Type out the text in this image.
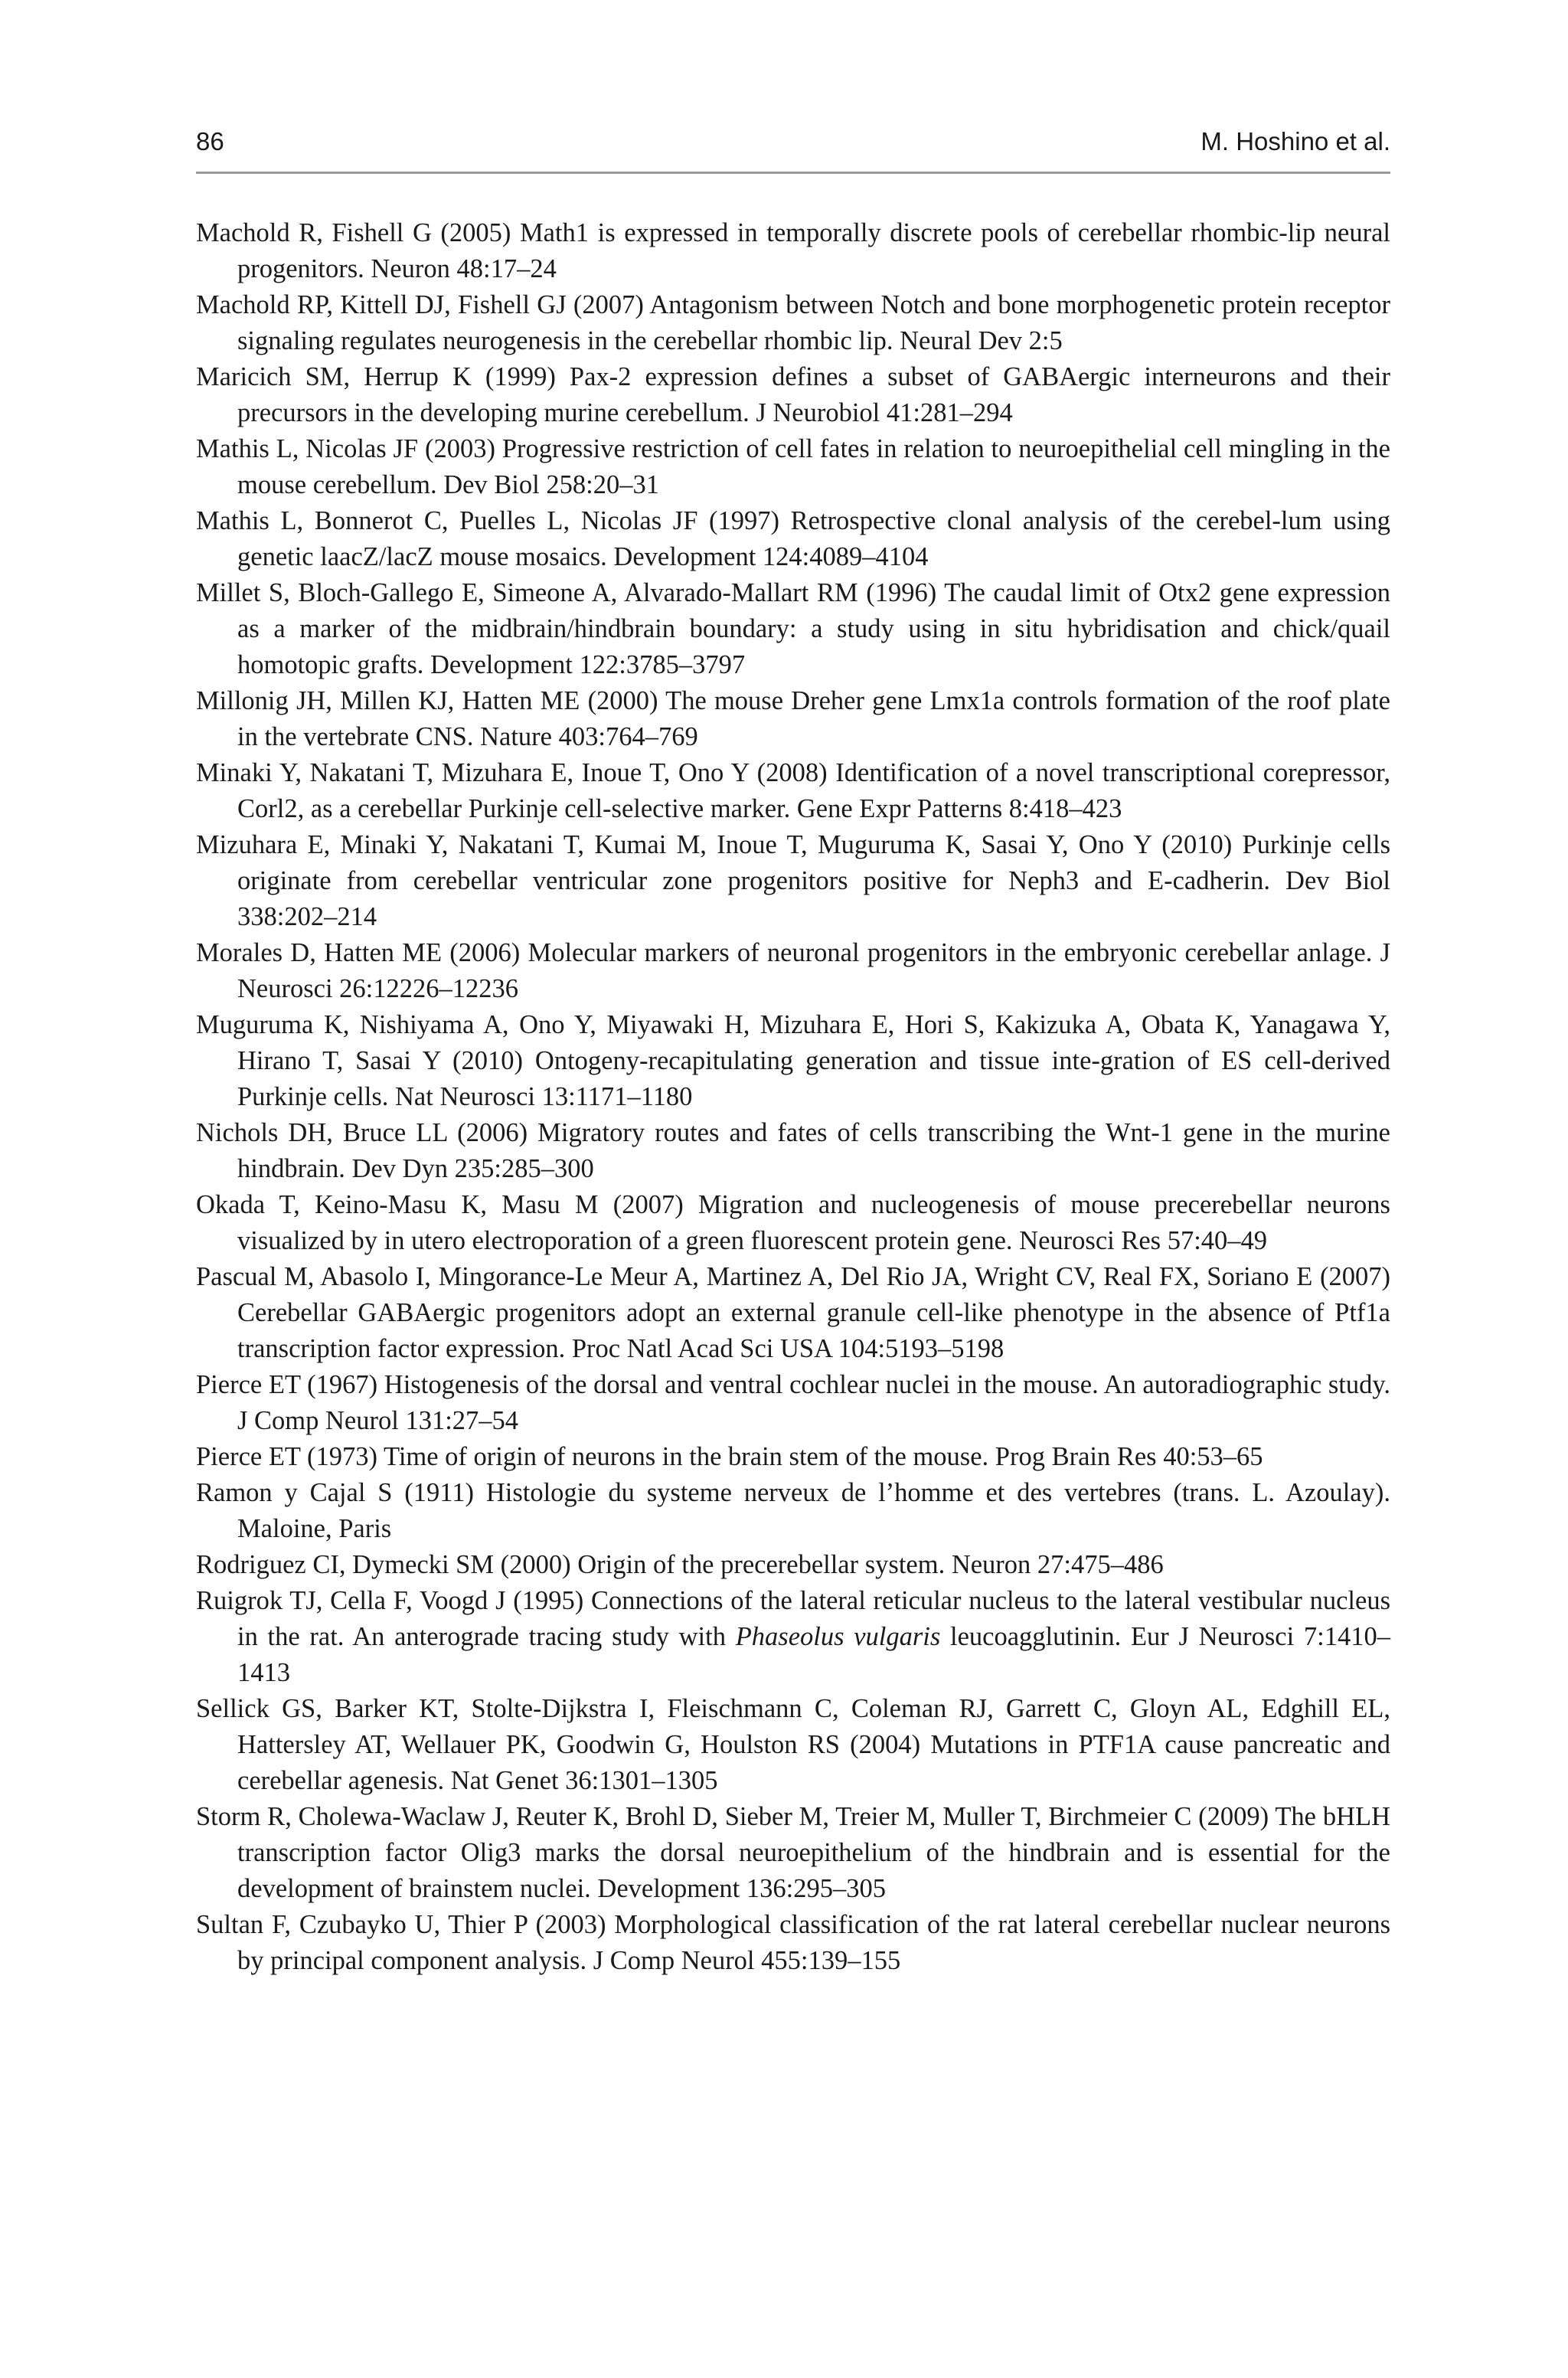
86	M. Hoshino et al.
Machold R, Fishell G (2005) Math1 is expressed in temporally discrete pools of cerebellar rhombic-lip neural progenitors. Neuron 48:17–24
Machold RP, Kittell DJ, Fishell GJ (2007) Antagonism between Notch and bone morphogenetic protein receptor signaling regulates neurogenesis in the cerebellar rhombic lip. Neural Dev 2:5
Maricich SM, Herrup K (1999) Pax-2 expression defines a subset of GABAergic interneurons and their precursors in the developing murine cerebellum. J Neurobiol 41:281–294
Mathis L, Nicolas JF (2003) Progressive restriction of cell fates in relation to neuroepithelial cell mingling in the mouse cerebellum. Dev Biol 258:20–31
Mathis L, Bonnerot C, Puelles L, Nicolas JF (1997) Retrospective clonal analysis of the cerebel-lum using genetic laacZ/lacZ mouse mosaics. Development 124:4089–4104
Millet S, Bloch-Gallego E, Simeone A, Alvarado-Mallart RM (1996) The caudal limit of Otx2 gene expression as a marker of the midbrain/hindbrain boundary: a study using in situ hybridisation and chick/quail homotopic grafts. Development 122:3785–3797
Millonig JH, Millen KJ, Hatten ME (2000) The mouse Dreher gene Lmx1a controls formation of the roof plate in the vertebrate CNS. Nature 403:764–769
Minaki Y, Nakatani T, Mizuhara E, Inoue T, Ono Y (2008) Identification of a novel transcriptional corepressor, Corl2, as a cerebellar Purkinje cell-selective marker. Gene Expr Patterns 8:418–423
Mizuhara E, Minaki Y, Nakatani T, Kumai M, Inoue T, Muguruma K, Sasai Y, Ono Y (2010) Purkinje cells originate from cerebellar ventricular zone progenitors positive for Neph3 and E-cadherin. Dev Biol 338:202–214
Morales D, Hatten ME (2006) Molecular markers of neuronal progenitors in the embryonic cerebellar anlage. J Neurosci 26:12226–12236
Muguruma K, Nishiyama A, Ono Y, Miyawaki H, Mizuhara E, Hori S, Kakizuka A, Obata K, Yanagawa Y, Hirano T, Sasai Y (2010) Ontogeny-recapitulating generation and tissue inte-gration of ES cell-derived Purkinje cells. Nat Neurosci 13:1171–1180
Nichols DH, Bruce LL (2006) Migratory routes and fates of cells transcribing the Wnt-1 gene in the murine hindbrain. Dev Dyn 235:285–300
Okada T, Keino-Masu K, Masu M (2007) Migration and nucleogenesis of mouse precerebellar neurons visualized by in utero electroporation of a green fluorescent protein gene. Neurosci Res 57:40–49
Pascual M, Abasolo I, Mingorance-Le Meur A, Martinez A, Del Rio JA, Wright CV, Real FX, Soriano E (2007) Cerebellar GABAergic progenitors adopt an external granule cell-like phenotype in the absence of Ptf1a transcription factor expression. Proc Natl Acad Sci USA 104:5193–5198
Pierce ET (1967) Histogenesis of the dorsal and ventral cochlear nuclei in the mouse. An autoradiographic study. J Comp Neurol 131:27–54
Pierce ET (1973) Time of origin of neurons in the brain stem of the mouse. Prog Brain Res 40:53–65
Ramon y Cajal S (1911) Histologie du systeme nerveux de l’homme et des vertebres (trans. L. Azoulay). Maloine, Paris
Rodriguez CI, Dymecki SM (2000) Origin of the precerebellar system. Neuron 27:475–486
Ruigrok TJ, Cella F, Voogd J (1995) Connections of the lateral reticular nucleus to the lateral vestibular nucleus in the rat. An anterograde tracing study with Phaseolus vulgaris leucoagglutinin. Eur J Neurosci 7:1410–1413
Sellick GS, Barker KT, Stolte-Dijkstra I, Fleischmann C, Coleman RJ, Garrett C, Gloyn AL, Edghill EL, Hattersley AT, Wellauer PK, Goodwin G, Houlston RS (2004) Mutations in PTF1A cause pancreatic and cerebellar agenesis. Nat Genet 36:1301–1305
Storm R, Cholewa-Waclaw J, Reuter K, Brohl D, Sieber M, Treier M, Muller T, Birchmeier C (2009) The bHLH transcription factor Olig3 marks the dorsal neuroepithelium of the hindbrain and is essential for the development of brainstem nuclei. Development 136:295–305
Sultan F, Czubayko U, Thier P (2003) Morphological classification of the rat lateral cerebellar nuclear neurons by principal component analysis. J Comp Neurol 455:139–155
